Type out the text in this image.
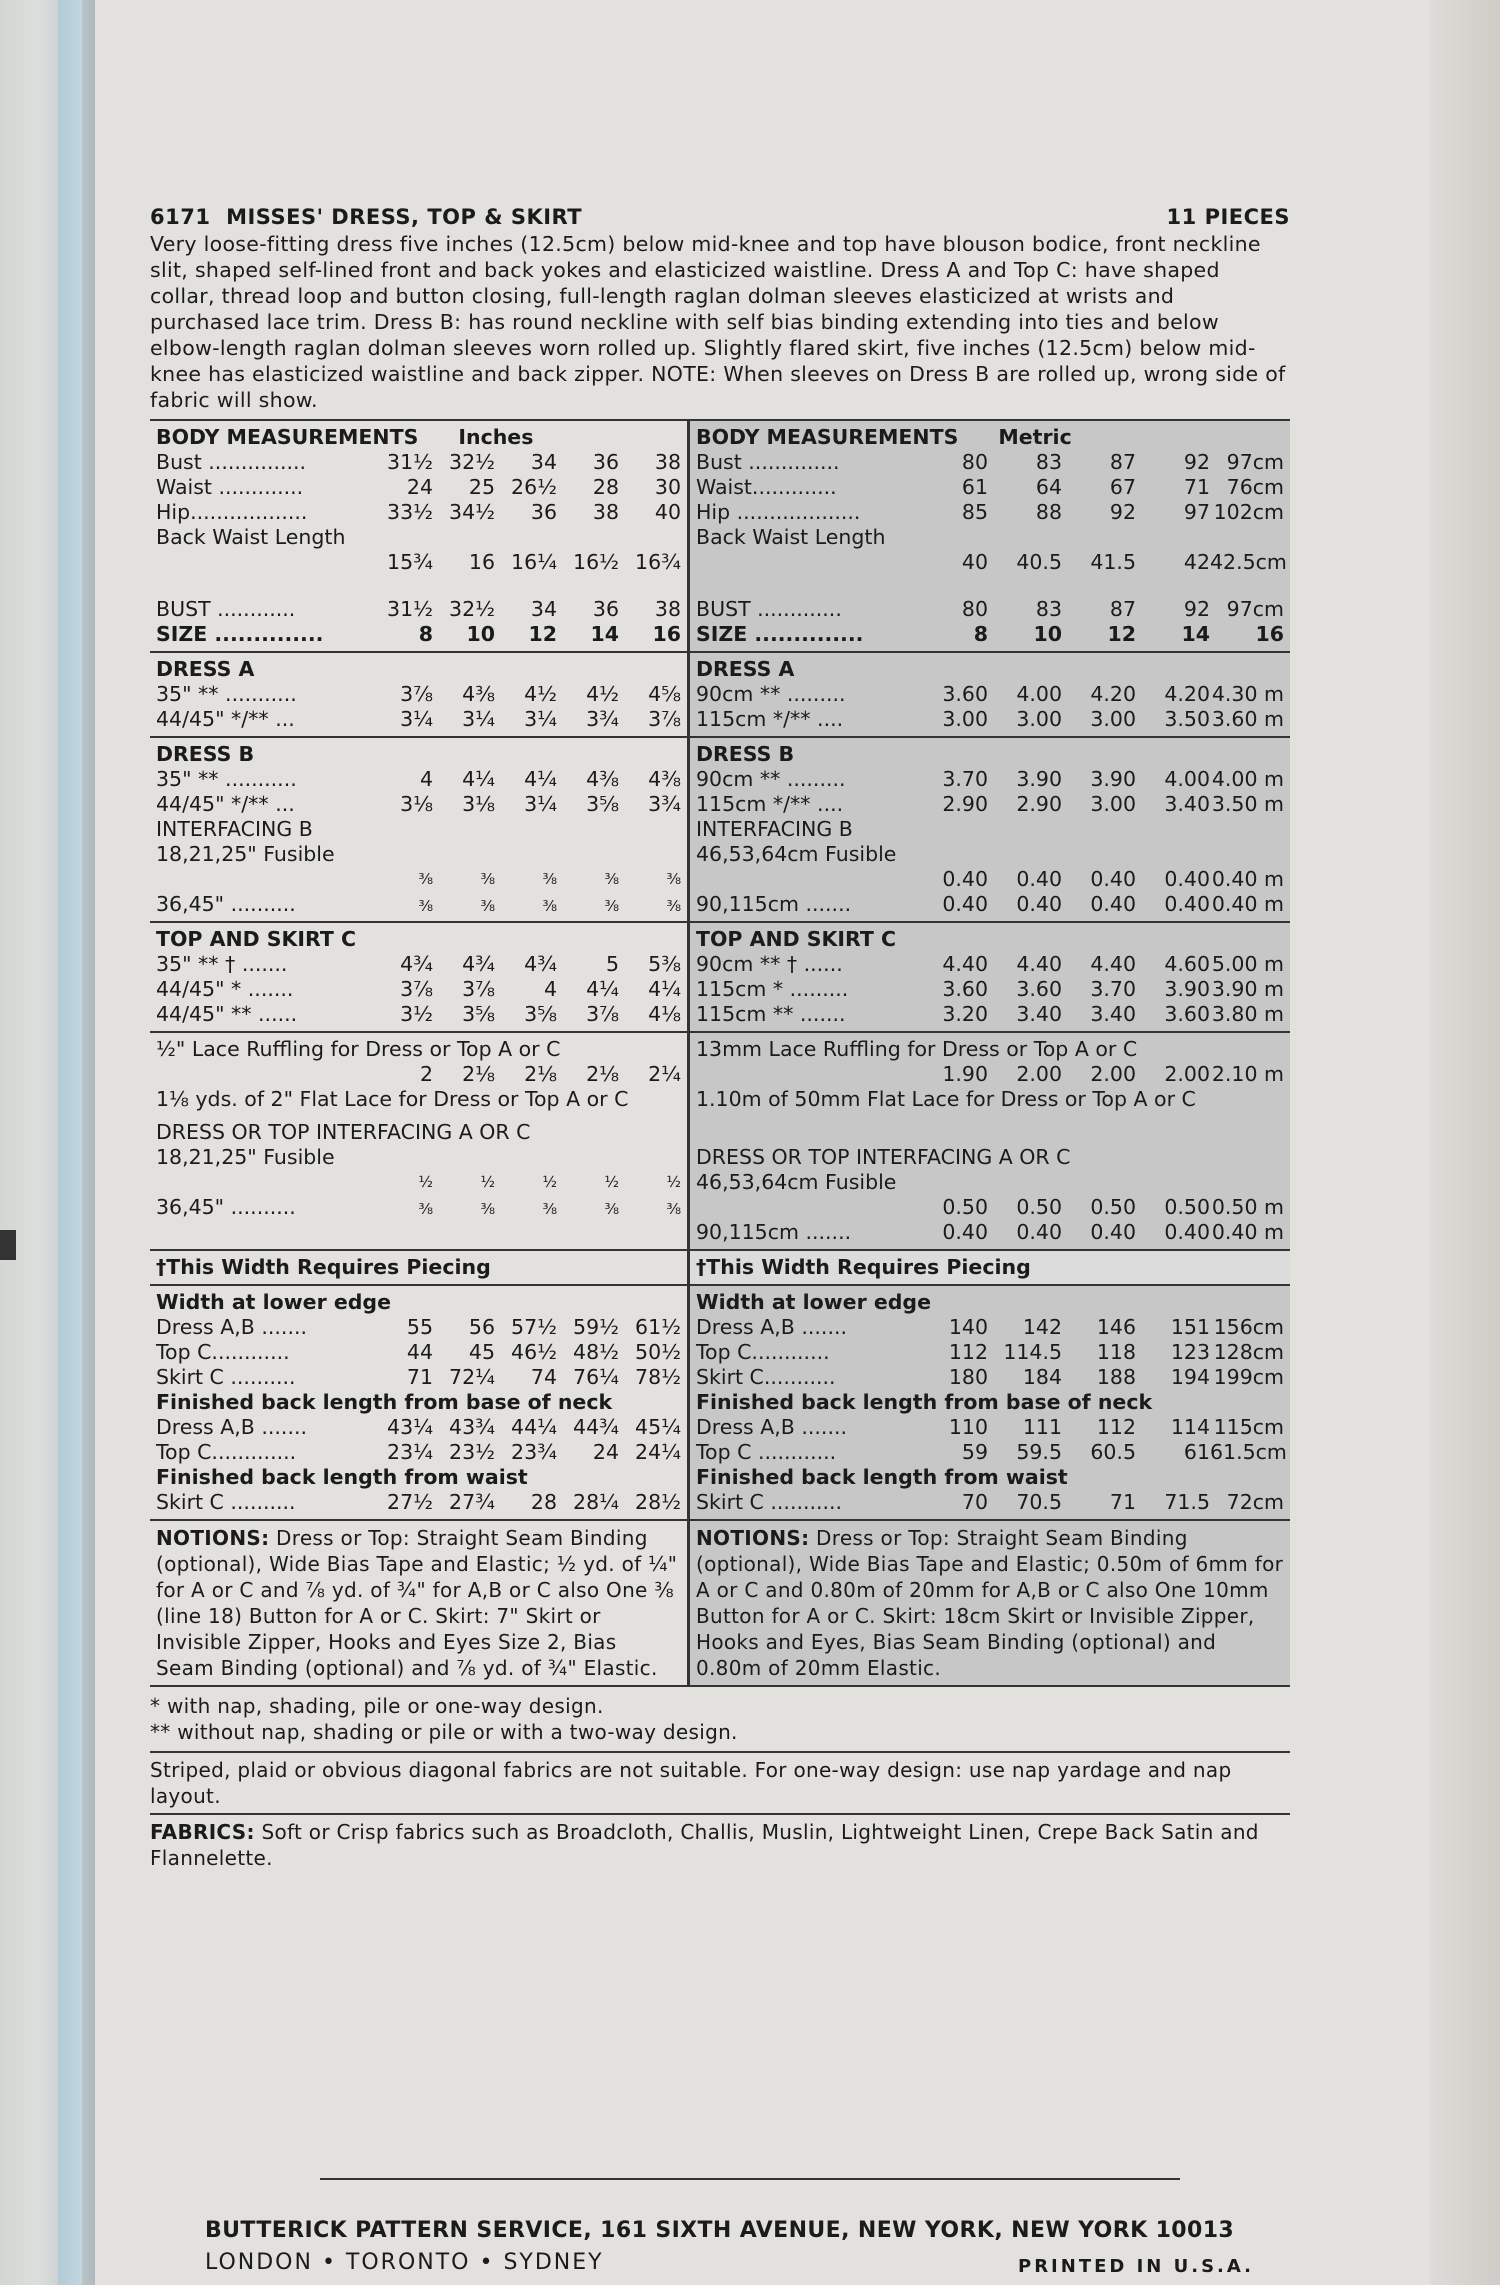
6171 MISSES' DRESS, TOP & SKIRT	11 PIECES
Very loose-fitting dress five inches (12.5cm) below mid-knee and top have blouson bodice, front neckline slit, shaped self-lined front and back yokes and elasticized waistline. Dress A and Top C: have shaped collar, thread loop and button closing, full-length raglan dolman sleeves elasticized at wrists and purchased lace trim. Dress B: has round neckline with self bias binding extending into ties and below elbow-length raglan dolman sleeves worn rolled up. Slightly flared skirt, five inches (12.5cm) below mid-knee has elasticized waistline and back zipper. NOTE: When sleeves on Dress B are rolled up, wrong side of fabric will show.
BODY MEASUREMENTS Inches
Bust ...............	31½ 32½	34	36	38
Waist .............	24	25 26½	28	30
Hip..................	33½ 34½	36	38	40
Back Waist Length
15¾	16 16¼ 16½ 16¾
BUST ............	31½ 32½	34	36	38
SIZE ..............	8	10	12	14	16
BODY MEASUREMENTS Metric
Bust ..............	80	83	87	92 97cm
Waist.............	61	64	67	71 76cm
Hip ...................	85	88	92	97 102cm
Back Waist Length
40	40.5	41.5	42 42.5cm
BUST .............	80	83	87	92 97cm
SIZE ..............	8	10	12	14	16
DRESS A
35" ** ...........	3⅞	4⅜	4½	4½	4⅝
44/45" */** ...	3¼	3¼	3¼	3¾	3⅞
DRESS A
90cm ** .........	3.60	4.00	4.20	4.20 4.30 m
115cm */** ....	3.00	3.00	3.00	3.50 3.60 m
DRESS B
35" ** ...........	4	4¼	4¼	4⅜	4⅜
44/45" */** ...	3⅛	3⅛	3¼	3⅝	3¾
INTERFACING B
18,21,25" Fusible
⅜	⅜	⅜	⅜	⅜
36,45" ..........	⅜	⅜	⅜	⅜	⅜
DRESS B
90cm ** .........	3.70	3.90	3.90	4.00 4.00 m
115cm */** ....	2.90	2.90	3.00	3.40 3.50 m
INTERFACING B
46,53,64cm Fusible
0.40	0.40	0.40	0.40 0.40 m
90,115cm .......	0.40	0.40	0.40	0.40 0.40 m
TOP AND SKIRT C
35" ** † .......	4¾	4¾	4¾	5	5⅜
44/45" * .......	3⅞	3⅞	4	4¼	4¼
44/45" ** ......	3½	3⅝	3⅝	3⅞	4⅛
TOP AND SKIRT C
90cm ** † ......	4.40	4.40	4.40	4.60 5.00 m
115cm * .........	3.60	3.60	3.70	3.90 3.90 m
115cm ** .......	3.20	3.40	3.40	3.60 3.80 m
½" Lace Ruffling for Dress or Top A or C
2	2⅛	2⅛	2⅛	2¼
1⅛ yds. of 2" Flat Lace for Dress or Top A or C
DRESS OR TOP INTERFACING A OR C
18,21,25" Fusible
½	½	½	½	½
36,45" ..........	⅜	⅜	⅜	⅜	⅜
13mm Lace Ruffling for Dress or Top A or C
1.90	2.00	2.00	2.00 2.10 m
1.10m of 50mm Flat Lace for Dress or Top A or C
DRESS OR TOP INTERFACING A OR C
46,53,64cm Fusible
0.50	0.50	0.50	0.50 0.50 m
90,115cm .......	0.40	0.40	0.40	0.40 0.40 m
†This Width Requires Piecing	†This Width Requires Piecing
Width at lower edge
Dress A,B .......	55	56 57½ 59½ 61½
Top C............	44	45 46½ 48½ 50½
Skirt C ..........	71 72¼	74 76¼ 78½
Finished back length from base of neck
Dress A,B .......	43¼ 43¾ 44¼ 44¾ 45¼
Top C.............	23¼ 23½ 23¾	24 24¼
Finished back length from waist
Skirt C ..........	27½ 27¾	28 28¼ 28½
Width at lower edge
Dress A,B .......	140	142	146	151 156cm
Top C............	112 114.5	118	123 128cm
Skirt C...........	180	184	188	194 199cm
Finished back length from base of neck
Dress A,B .......	110	111	112	114 115cm
Top C ............	59	59.5	60.5	61 61.5cm
Finished back length from waist
Skirt C ...........	70	70.5	71	71.5 72cm
NOTIONS: Dress or Top: Straight Seam Binding (optional), Wide Bias Tape and Elastic; ½ yd. of ¼" for A or C and ⅞ yd. of ¾" for A,B or C also One ⅜ (line 18) Button for A or C. Skirt: 7" Skirt or Invisible Zipper, Hooks and Eyes Size 2, Bias Seam Binding (optional) and ⅞ yd. of ¾" Elastic.
NOTIONS: Dress or Top: Straight Seam Binding (optional), Wide Bias Tape and Elastic; 0.50m of 6mm for A or C and 0.80m of 20mm for A,B or C also One 10mm Button for A or C. Skirt: 18cm Skirt or Invisible Zipper, Hooks and Eyes, Bias Seam Binding (optional) and 0.80m of 20mm Elastic.
* with nap, shading, pile or one-way design.
** without nap, shading or pile or with a two-way design.
Striped, plaid or obvious diagonal fabrics are not suitable. For one-way design: use nap yardage and nap layout.
FABRICS: Soft or Crisp fabrics such as Broadcloth, Challis, Muslin, Lightweight Linen, Crepe Back Satin and Flannelette.
BUTTERICK PATTERN SERVICE, 161 SIXTH AVENUE, NEW YORK, NEW YORK 10013
LONDON • TORONTO • SYDNEY	PRINTED IN U.S.A.
